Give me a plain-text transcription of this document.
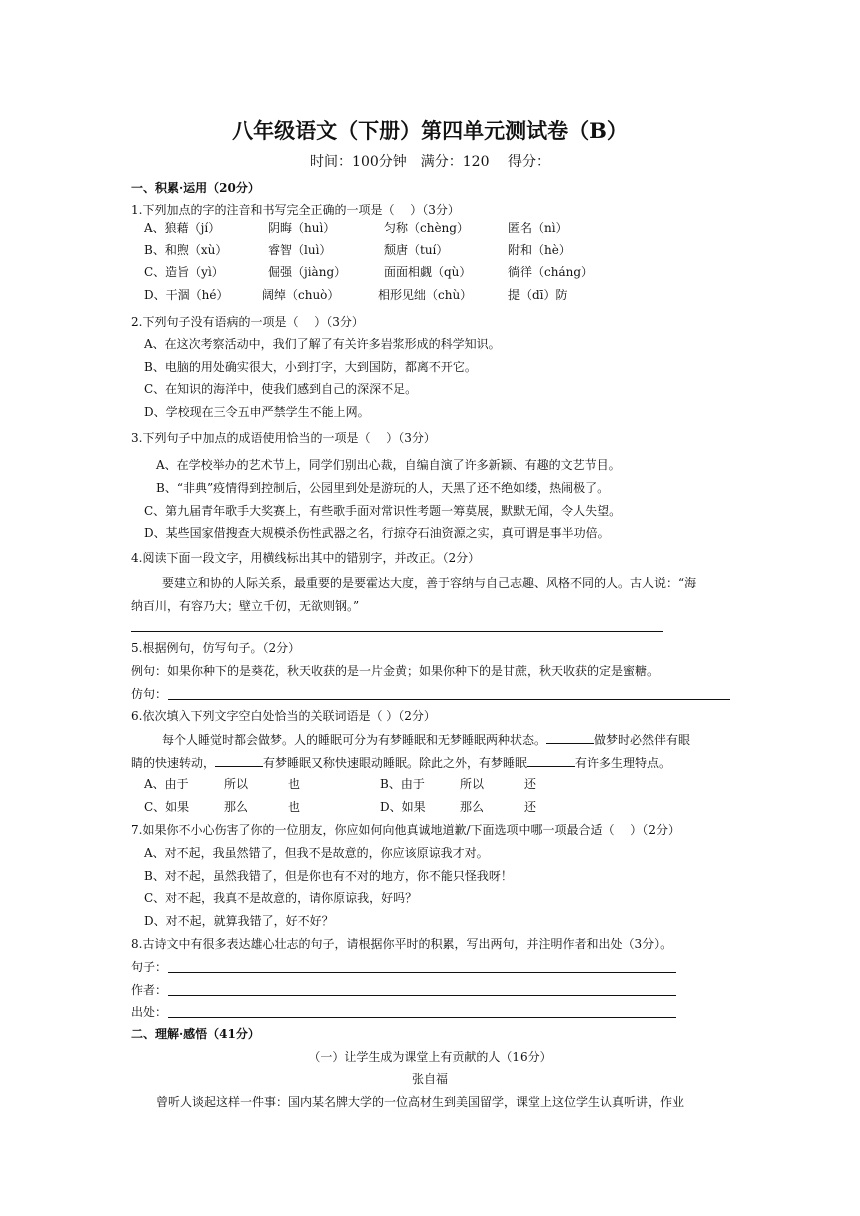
八年级语文（下册）第四单元测试卷（B）
时间：100分钟　满分：120　 得分：
一、积累·运用（20分）
1.下列加点的字的注音和书写完全正确的一项是（　 ）（3分）
A、狼藉（jí）	阴晦（huì）	匀称（chèng）	匿名（nì）
B、和煦（xù）	睿智（luì）	颓唐（tuí）	附和（hè）
C、造旨（yì）	倔强（jiàng）	面面相觑（qù）	徜徉（cháng）
D、干涸（hé）	阔绰（chuò）	相形见绌（chù）	提（dī）防
2.下列句子没有语病的一项是（　 ）（3分）
A、在这次考察活动中，我们了解了有关许多岩浆形成的科学知识。
B、电脑的用处确实很大，小到打字，大到国防，都离不开它。
C、在知识的海洋中，使我们感到自己的深深不足。
D、学校现在三令五申严禁学生不能上网。
3.下列句子中加点的成语使用恰当的一项是（　 ）（3分）
A、在学校举办的艺术节上，同学们别出心裁，自编自演了许多新颖、有趣的文艺节目。
B、“非典”疫情得到控制后，公园里到处是游玩的人，天黑了还不绝如缕，热闹极了。
C、第九届青年歌手大奖赛上，有些歌手面对常识性考题一筹莫展，默默无闻，令人失望。
D、某些国家借搜查大规模杀伤性武器之名，行掠夺石油资源之实，真可谓是事半功倍。
4.阅读下面一段文字，用横线标出其中的错别字，并改正。（2分）
要建立和协的人际关系，最重要的是要霍达大度，善于容纳与自己志趣、风格不同的人。古人说：“海
纳百川，有容乃大；壁立千仞，无欲则钢。”
5.根据例句，仿写句子。（2分）
例句：如果你种下的是葵花，秋天收获的是一片金黄；如果你种下的是甘蔗，秋天收获的定是蜜糖。
仿句：
6.依次填入下列文字空白处恰当的关联词语是（ ）（2分）
每个人睡觉时都会做梦。人的睡眠可分为有梦睡眠和无梦睡眠两种状态。	做梦时必然伴有眼
睛的快速转动，	有梦睡眠又称快速眼动睡眠。除此之外，有梦睡眠	有许多生理特点。
A、由于	所以	也	B、由于	所以	还
C、如果	那么	也	D、如果	那么	还
7.如果你不小心伤害了你的一位朋友，你应如何向他真诚地道歉/下面选项中哪一项最合适（　 ）（2分）
A、对不起，我虽然错了，但我不是故意的，你应该原谅我才对。
B、对不起，虽然我错了，但是你也有不对的地方，你不能只怪我呀！
C、对不起，我真不是故意的，请你原谅我，好吗？
D、对不起，就算我错了，好不好？
8.古诗文中有很多表达雄心壮志的句子，请根据你平时的积累，写出两句，并注明作者和出处（3分）。
句子：
作者：
出处：
二、理解·感悟（41分）
（一）让学生成为课堂上有贡献的人（16分）
张自福
曾听人谈起这样一件事：国内某名牌大学的一位高材生到美国留学，课堂上这位学生认真听讲，作业
